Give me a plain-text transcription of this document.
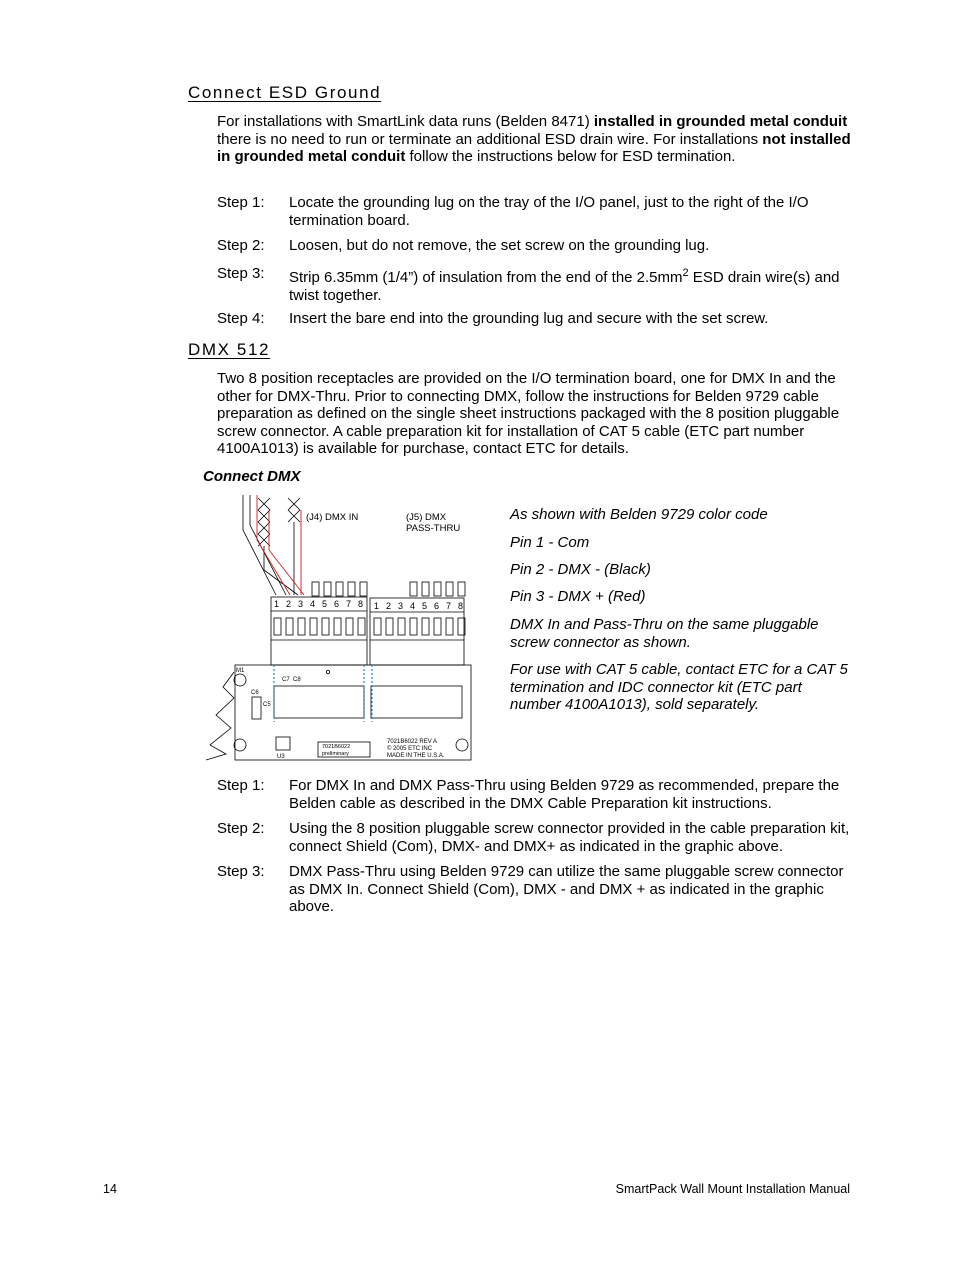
Connect ESD Ground
For installations with SmartLink data runs (Belden 8471) installed in grounded metal conduit there is no need to run or terminate an additional ESD drain wire. For installations not installed in grounded metal conduit follow the instructions below for ESD termination.
Step 1: Locate the grounding lug on the tray of the I/O panel, just to the right of the I/O termination board.
Step 2: Loosen, but do not remove, the set screw on the grounding lug.
Step 3: Strip 6.35mm (1/4”) of insulation from the end of the $2.5mm^2$ ESD drain wire(s) and twist together.
Step 4: Insert the bare end into the grounding lug and secure with the set screw.
DMX 512
Two 8 position receptacles are provided on the I/O termination board, one for DMX In and the other for DMX-Thru. Prior to connecting DMX, follow the instructions for Belden 9729 cable preparation as defined on the single sheet instructions packaged with the 8 position pluggable screw connector. A cable preparation kit for installation of CAT 5 cable (ETC part number 4100A1013) is available for purchase, contact ETC for details.
Connect DMX
(J4) DMX IN	(J5) DMX
PASS-THRU
1 2 3 4 5 6 7 8 1 2 3 4 5 6 7 8
M1
C7 C8
C6
C5
U3
7021B6022
preliminary
7021B6022 REV A
© 2005 ETC INC
MADE IN THE U.S.A.
As shown with Belden 9729 color code
Pin 1 - Com
Pin 2 - DMX - (Black)
Pin 3 - DMX + (Red)
DMX In and Pass-Thru on the same pluggable screw connector as shown.
For use with CAT 5 cable, contact ETC for a CAT 5 termination and IDC connector kit (ETC part number 4100A1013), sold separately.
Step 1: For DMX In and DMX Pass-Thru using Belden 9729 as recommended, prepare the Belden cable as described in the DMX Cable Preparation kit instructions.
Step 2: Using the 8 position pluggable screw connector provided in the cable preparation kit, connect Shield (Com), DMX- and DMX+ as indicated in the graphic above.
Step 3: DMX Pass-Thru using Belden 9729 can utilize the same pluggable screw connector as DMX In. Connect Shield (Com), DMX - and DMX + as indicated in the graphic above.
14	SmartPack Wall Mount Installation Manual
